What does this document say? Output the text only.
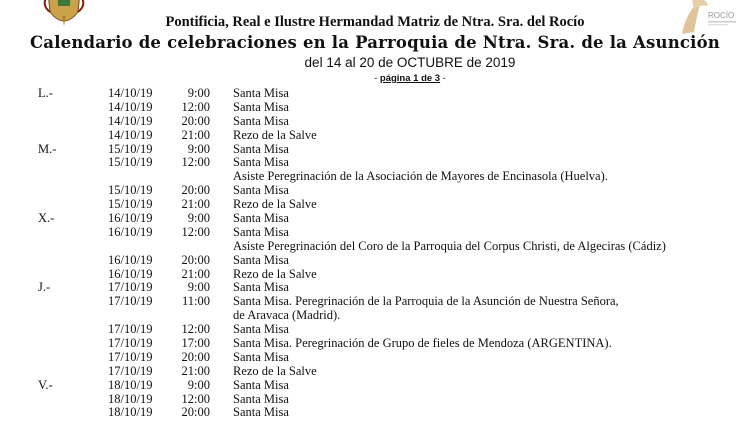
ROCÍO
Pontificia, Real e Ilustre Hermandad Matriz de Ntra. Sra. del Rocío
Calendario de celebraciones en la Parroquia de Ntra. Sra. de la Asunción
del 14 al 20 de OCTUBRE de 2019
- página 1 de 3 -
L.-	14/10/19	9:00 Santa Misa
14/10/19	12:00 Santa Misa
14/10/19	20:00 Santa Misa
14/10/19	21:00 Rezo de la Salve
M.-	15/10/19	9:00 Santa Misa
15/10/19	12:00 Santa Misa
Asiste Peregrinación de la Asociación de Mayores de Encinasola (Huelva).
15/10/19	20:00 Santa Misa
15/10/19	21:00 Rezo de la Salve
X.-	16/10/19	9:00 Santa Misa
16/10/19	12:00 Santa Misa
Asiste Peregrinación del Coro de la Parroquia del Corpus Christi, de Algeciras (Cádiz)
16/10/19	20:00 Santa Misa
16/10/19	21:00 Rezo de la Salve
J.-	17/10/19	9:00 Santa Misa
17/10/19	11:00 Santa Misa. Peregrinación de la Parroquia de la Asunción de Nuestra Señora,
de Aravaca (Madrid).
17/10/19	12:00 Santa Misa
17/10/19	17:00 Santa Misa. Peregrinación de Grupo de fieles de Mendoza (ARGENTINA).
17/10/19	20:00 Santa Misa
17/10/19	21:00 Rezo de la Salve
V.-	18/10/19	9:00 Santa Misa
18/10/19	12:00 Santa Misa
18/10/19	20:00 Santa Misa
